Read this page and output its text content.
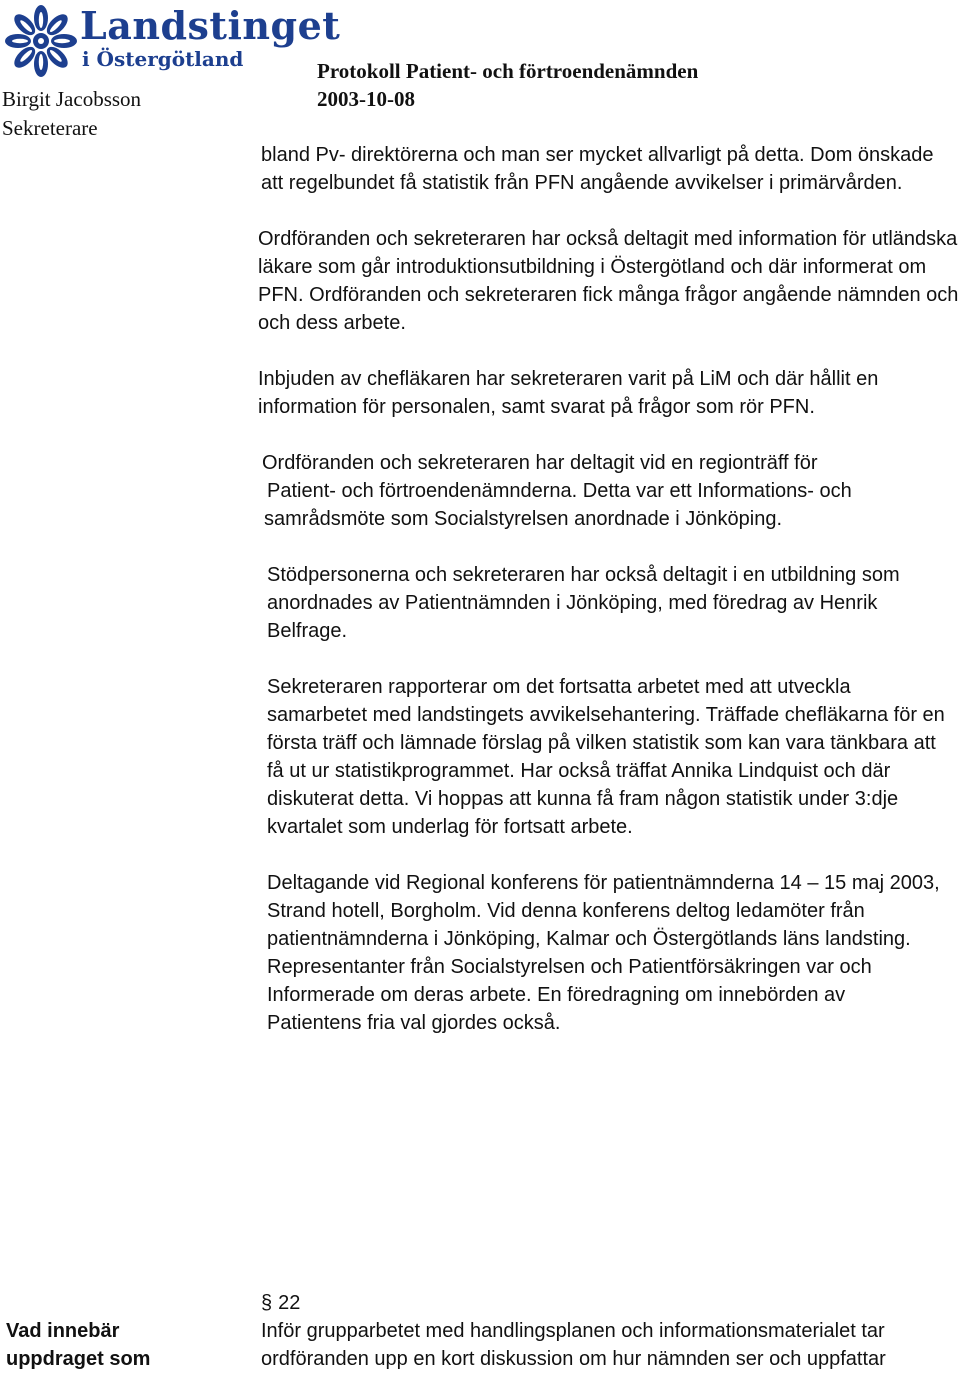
Landstinget
i Östergötland	Protokoll Patient- och förtroendenämnden
Birgit Jacobsson	2003-10-08
Sekreterare
bland Pv- direktörerna och man ser mycket allvarligt på detta. Dom önskade
att regelbundet få statistik från PFN angående avvikelser i primärvården.
Ordföranden och sekreteraren har också deltagit med information för utländska
läkare som går introduktionsutbildning i Östergötland och där informerat om
PFN. Ordföranden och sekreteraren fick många frågor angående nämnden och
och dess arbete.
Inbjuden av chefläkaren har sekreteraren varit på LiM och där hållit en
information för personalen, samt svarat på frågor som rör PFN.
Ordföranden och sekreteraren har deltagit vid en regionträff för
Patient- och förtroendenämnderna. Detta var ett Informations- och
samrådsmöte som Socialstyrelsen anordnade i Jönköping.
Stödpersonerna och sekreteraren har också deltagit i en utbildning som
anordnades av Patientnämnden i Jönköping, med föredrag av Henrik
Belfrage.
Sekreteraren rapporterar om det fortsatta arbetet med att utveckla
samarbetet med landstingets avvikelsehantering. Träffade chefläkarna för en
första träff och lämnade förslag på vilken statistik som kan vara tänkbara att
få ut ur statistikprogrammet. Har också träffat Annika Lindquist och där
diskuterat detta. Vi hoppas att kunna få fram någon statistik under 3:dje
kvartalet som underlag för fortsatt arbete.
Deltagande vid Regional konferens för patientnämnderna 14 – 15 maj 2003,
Strand hotell, Borgholm. Vid denna konferens deltog ledamöter från
patientnämnderna i Jönköping, Kalmar och Östergötlands läns landsting.
Representanter från Socialstyrelsen och Patientförsäkringen var och
Informerade om deras arbete. En föredragning om innebörden av
Patientens fria val gjordes också.
§ 22
Vad innebär
uppdraget som
Inför grupparbetet med handlingsplanen och informationsmaterialet tar
ordföranden upp en kort diskussion om hur nämnden ser och uppfattar
